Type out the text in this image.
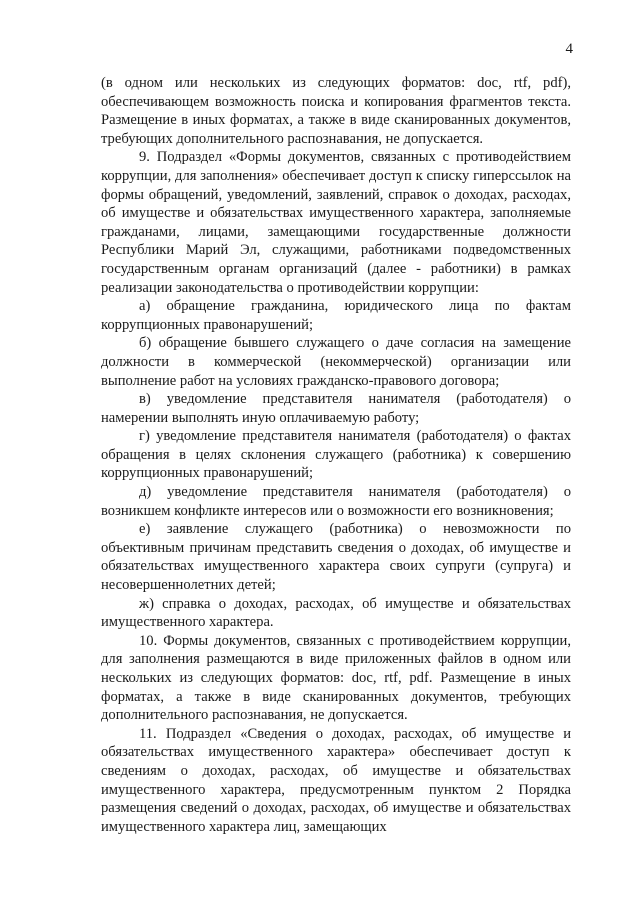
4

(в одном или нескольких из следующих форматов: doc, rtf, pdf), обеспечивающем возможность поиска и копирования фрагментов текста. Размещение в иных форматах, а также в виде сканированных документов, требующих дополнительного распознавания, не допускается.

9. Подраздел «Формы документов, связанных с противодействием коррупции, для заполнения» обеспечивает доступ к списку гиперссылок на формы обращений, уведомлений, заявлений, справок о доходах, расходах, об имуществе и обязательствах имущественного характера, заполняемые гражданами, лицами, замещающими государственные должности Республики Марий Эл, служащими, работниками подведомственных государственным органам организаций (далее - работники) в рамках реализации законодательства о противодействии коррупции:

а) обращение гражданина, юридического лица по фактам коррупционных правонарушений;

б) обращение бывшего служащего о даче согласия на замещение должности в коммерческой (некоммерческой) организации или выполнение работ на условиях гражданско-правового договора;

в) уведомление представителя нанимателя (работодателя) о намерении выполнять иную оплачиваемую работу;

г) уведомление представителя нанимателя (работодателя) о фактах обращения в целях склонения служащего (работника) к совершению коррупционных правонарушений;

д) уведомление представителя нанимателя (работодателя) о возникшем конфликте интересов или о возможности его возникновения;

е) заявление служащего (работника) о невозможности по объективным причинам представить сведения о доходах, об имуществе и обязательствах имущественного характера своих супруги (супруга) и несовершеннолетних детей;

ж) справка о доходах, расходах, об имуществе и обязательствах имущественного характера.

10. Формы документов, связанных с противодействием коррупции, для заполнения размещаются в виде приложенных файлов в одном или нескольких из следующих форматов: doc, rtf, pdf. Размещение в иных форматах, а также в виде сканированных документов, требующих дополнительного распознавания, не допускается.

11. Подраздел «Сведения о доходах, расходах, об имуществе и обязательствах имущественного характера» обеспечивает доступ к сведениям о доходах, расходах, об имуществе и обязательствах имущественного характера, предусмотренным пунктом 2 Порядка размещения сведений о доходах, расходах, об имуществе и обязательствах имущественного характера лиц, замещающих
